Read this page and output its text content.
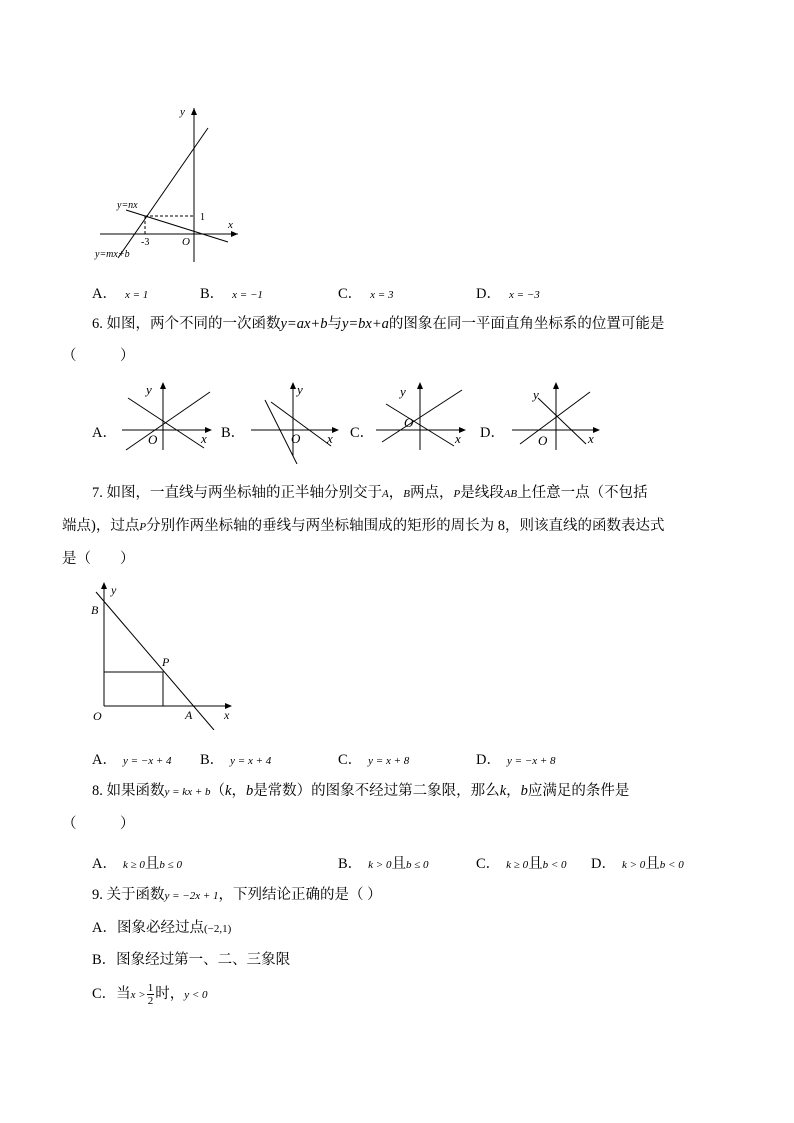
y
x
O
1
-3
y=nx
y=mx+b
A． x = 1	B． x = −1	C． x = 3	D． x = −3
6. 如图，两个不同的一次函数y=ax+b与y=bx+a的图象在同一平面直角坐标系的位置可能是
（　　　）
A．
y
O	x B．
y
O x C．
y
O
x D．
y
O	x
7. 如图，一直线与两坐标轴的正半轴分别交于A，B两点，P是线段AB上任意一点（不包括
端点)，过点P分别作两坐标轴的垂线与两坐标轴围成的矩形的周长为 8，则该直线的函数表达式
是（　　）
y
B
P
O	A	x
A． y = −x + 4 B． y = x + 4	C． y = x + 8	D． y = −x + 8
8. 如果函数y = kx + b（k，b是常数）的图象不经过第二象限，那么k，b应满足的条件是
（　　　）
A． k ≥ 0且b ≤ 0	B． k > 0且b ≤ 0	C． k ≥ 0且b < 0 D． k > 0且b < 0
9. 关于函数y = −2x + 1，下列结论正确的是（ ）
A．图象必经过点(−2,1)
B．图象经过第一、二、三象限
C．当$x > \frac{1}{2}$ 时，y < 0
